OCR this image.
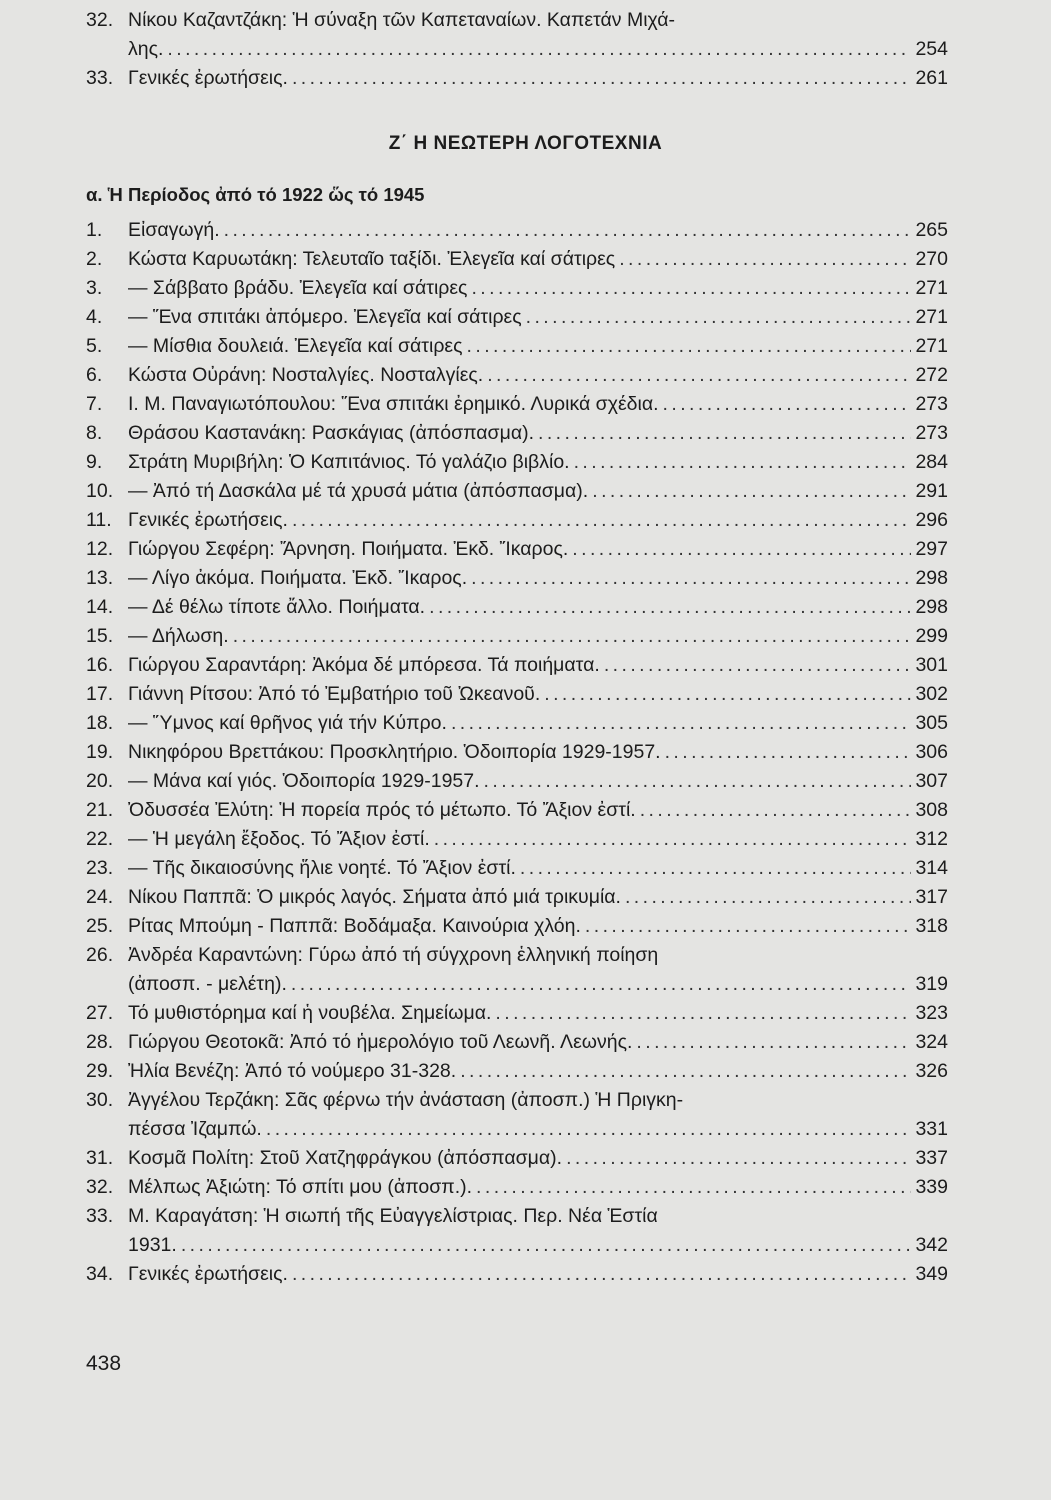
32. Νίκου Καζαντζάκη: Ἡ σύναξη τῶν Καπεταναίων. Καπετάν Μιχά-
λης. . . .	254
33. Γενικές ἐρωτήσεις. . . .	261
Ζ΄ Η ΝΕΩΤΕΡΗ ΛΟΓΟΤΕΧΝΙΑ
α. Ἡ Περίοδος ἀπό τό 1922 ὥς τό 1945
1.	Εἰσαγωγή. . . .	265
2.	Κώστα Καρυωτάκη: Τελευταῖο ταξίδι. Ἐλεγεῖα καί σάτιρες . . .	270
3.	— Σάββατο βράδυ. Ἐλεγεῖα καί σάτιρες . . .	271
4.	— Ἕνα σπιτάκι ἀπόμερο. Ἐλεγεῖα καί σάτιρες . . .	271
5.	— Μίσθια δουλειά. Ἐλεγεῖα καί σάτιρες . . .	271
6.	Κώστα Οὐράνη: Νοσταλγίες. Νοσταλγίες. . . .	272
7.	Ι. Μ. Παναγιωτόπουλου: Ἕνα σπιτάκι ἐρημικό. Λυρικά σχέδια. . . .	273
8.	Θράσου Καστανάκη: Ρασκάγιας (ἀπόσπασμα). . . .	273
9.	Στράτη Μυριβήλη: Ὁ Καπιτάνιος. Τό γαλάζιο βιβλίο. . . .	284
10. — Ἀπό τή Δασκάλα μέ τά χρυσά μάτια (ἀπόσπασμα). . . .	291
11. Γενικές ἐρωτήσεις. . . .	296
12. Γιώργου Σεφέρη: Ἄρνηση. Ποιήματα. Ἐκδ. Ἴκαρος. . . .	297
13. — Λίγο ἀκόμα. Ποιήματα. Ἐκδ. Ἴκαρος. . . .	298
14. — Δέ θέλω τίποτε ἄλλο. Ποιήματα. . . .	298
15. — Δήλωση. . . .	299
16. Γιώργου Σαραντάρη: Ἀκόμα δέ μπόρεσα. Τά ποιήματα. . . .	301
17. Γιάννη Ρίτσου: Ἀπό τό Ἐμβατήριο τοῦ Ὠκεανοῦ. . . .	302
18. — Ὕμνος καί θρῆνος γιά τήν Κύπρο. . . .	305
19. Νικηφόρου Βρεττάκου: Προσκλητήριο. Ὁδοιπορία 1929-1957. . . .	306
20. — Μάνα καί γιός. Ὁδοιπορία 1929-1957. . . .	307
21. Ὀδυσσέα Ἐλύτη: Ἡ πορεία πρός τό μέτωπο. Τό Ἄξιον ἐστί. . . .	308
22. — Ἡ μεγάλη ἔξοδος. Τό Ἄξιον ἐστί. . . .	312
23. — Τῆς δικαιοσύνης ἥλιε νοητέ. Τό Ἄξιον ἐστί. . . .	314
24. Νίκου Παππᾶ: Ὁ μικρός λαγός. Σήματα ἀπό μιά τρικυμία. . . .	317
25. Ρίτας Μπούμη - Παππᾶ: Βοδάμαξα. Καινούρια χλόη. . . .	318
26. Ἀνδρέα Καραντώνη: Γύρω ἀπό τή σύγχρονη ἑλληνική ποίηση
(ἀποσπ. - μελέτη). . . .	319
27. Τό μυθιστόρημα καί ἡ νουβέλα. Σημείωμα. . . .	323
28. Γιώργου Θεοτοκᾶ: Ἀπό τό ἡμερολόγιο τοῦ Λεωνῆ. Λεωνής. . . .	324
29. Ἠλία Βενέζη: Ἀπό τό νούμερο 31-328. . . .	326
30. Ἀγγέλου Τερζάκη: Σᾶς φέρνω τήν ἀνάσταση (ἀποσπ.) Ἡ Πριγκη-
πέσσα Ἰζαμπώ. . . .	331
31. Κοσμᾶ Πολίτη: Στοῦ Χατζηφράγκου (ἀπόσπασμα). . . .	337
32. Μέλπως Ἀξιώτη: Τό σπίτι μου (ἀποσπ.). . . .	339
33. Μ. Καραγάτση: Ἡ σιωπή τῆς Εὐαγγελίστριας. Περ. Νέα Ἑστία
1931. . . .	342
34. Γενικές ἐρωτήσεις. . . .	349
438
